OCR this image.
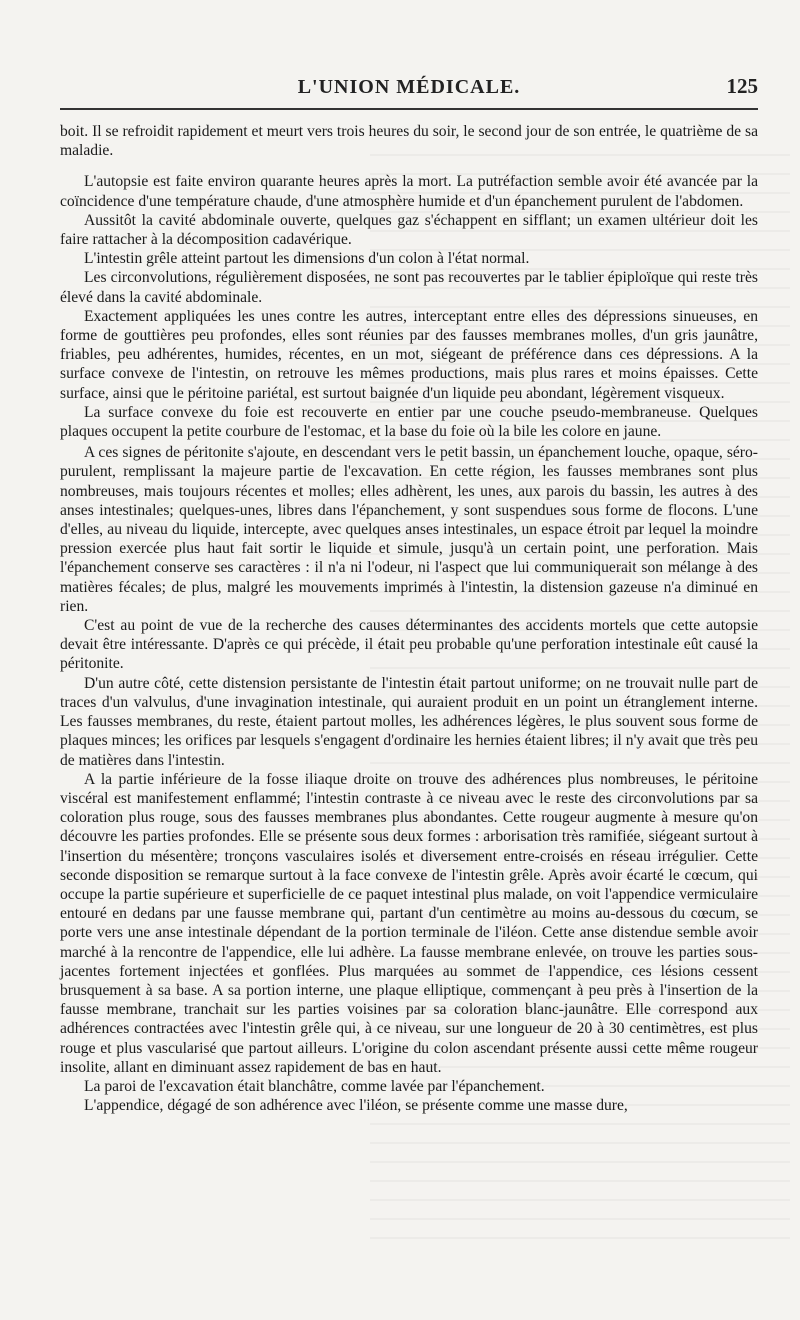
L'UNION MÉDICALE.	125

boit. Il se refroidit rapidement et meurt vers trois heures du soir, le second jour de son entrée, le quatrième de sa maladie.

L'autopsie est faite environ quarante heures après la mort. La putréfaction semble avoir été avancée par la coïncidence d'une température chaude, d'une atmosphère humide et d'un épanchement purulent de l'abdomen.

Aussitôt la cavité abdominale ouverte, quelques gaz s'échappent en sifflant; un examen ultérieur doit les faire rattacher à la décomposition cadavérique.

L'intestin grêle atteint partout les dimensions d'un colon à l'état normal.

Les circonvolutions, régulièrement disposées, ne sont pas recouvertes par le tablier épiploïque qui reste très élevé dans la cavité abdominale.

Exactement appliquées les unes contre les autres, interceptant entre elles des dépressions sinueuses, en forme de gouttières peu profondes, elles sont réunies par des fausses membranes molles, d'un gris jaunâtre, friables, peu adhérentes, humides, récentes, en un mot, siégeant de préférence dans ces dépressions. A la surface convexe de l'intestin, on retrouve les mêmes productions, mais plus rares et moins épaisses. Cette surface, ainsi que le péritoine pariétal, est surtout baignée d'un liquide peu abondant, légèrement visqueux.

La surface convexe du foie est recouverte en entier par une couche pseudo-membraneuse. Quelques plaques occupent la petite courbure de l'estomac, et la base du foie où la bile les colore en jaune.

A ces signes de péritonite s'ajoute, en descendant vers le petit bassin, un épanchement louche, opaque, séro-purulent, remplissant la majeure partie de l'excavation. En cette région, les fausses membranes sont plus nombreuses, mais toujours récentes et molles; elles adhèrent, les unes, aux parois du bassin, les autres à des anses intestinales; quelques-unes, libres dans l'épanchement, y sont suspendues sous forme de flocons. L'une d'elles, au niveau du liquide, intercepte, avec quelques anses intestinales, un espace étroit par lequel la moindre pression exercée plus haut fait sortir le liquide et simule, jusqu'à un certain point, une perforation. Mais l'épanchement conserve ses caractères : il n'a ni l'odeur, ni l'aspect que lui communiquerait son mélange à des matières fécales; de plus, malgré les mouvements imprimés à l'intestin, la distension gazeuse n'a diminué en rien.

C'est au point de vue de la recherche des causes déterminantes des accidents mortels que cette autopsie devait être intéressante. D'après ce qui précède, il était peu probable qu'une perforation intestinale eût causé la péritonite.

D'un autre côté, cette distension persistante de l'intestin était partout uniforme; on ne trouvait nulle part de traces d'un valvulus, d'une invagination intestinale, qui auraient produit en un point un étranglement interne. Les fausses membranes, du reste, étaient partout molles, les adhérences légères, le plus souvent sous forme de plaques minces; les orifices par lesquels s'engagent d'ordinaire les hernies étaient libres; il n'y avait que très peu de matières dans l'intestin.

A la partie inférieure de la fosse iliaque droite on trouve des adhérences plus nombreuses, le péritoine viscéral est manifestement enflammé; l'intestin contraste à ce niveau avec le reste des circonvolutions par sa coloration plus rouge, sous des fausses membranes plus abondantes. Cette rougeur augmente à mesure qu'on découvre les parties profondes. Elle se présente sous deux formes : arborisation très ramifiée, siégeant surtout à l'insertion du mésentère; tronçons vasculaires isolés et diversement entre-croisés en réseau irrégulier. Cette seconde disposition se remarque surtout à la face convexe de l'intestin grêle. Après avoir écarté le cœcum, qui occupe la partie supérieure et superficielle de ce paquet intestinal plus malade, on voit l'appendice vermiculaire entouré en dedans par une fausse membrane qui, partant d'un centimètre au moins au-dessous du cœcum, se porte vers une anse intestinale dépendant de la portion terminale de l'iléon. Cette anse distendue semble avoir marché à la rencontre de l'appendice, elle lui adhère. La fausse membrane enlevée, on trouve les parties sous-jacentes fortement injectées et gonflées. Plus marquées au sommet de l'appendice, ces lésions cessent brusquement à sa base. A sa portion interne, une plaque elliptique, commençant à peu près à l'insertion de la fausse membrane, tranchait sur les parties voisines par sa coloration blanc-jaunâtre. Elle correspond aux adhérences contractées avec l'intestin grêle qui, à ce niveau, sur une longueur de 20 à 30 centimètres, est plus rouge et plus vascularisé que partout ailleurs. L'origine du colon ascendant présente aussi cette même rougeur insolite, allant en diminuant assez rapidement de bas en haut.

La paroi de l'excavation était blanchâtre, comme lavée par l'épanchement.

L'appendice, dégagé de son adhérence avec l'iléon, se présente comme une masse dure,
